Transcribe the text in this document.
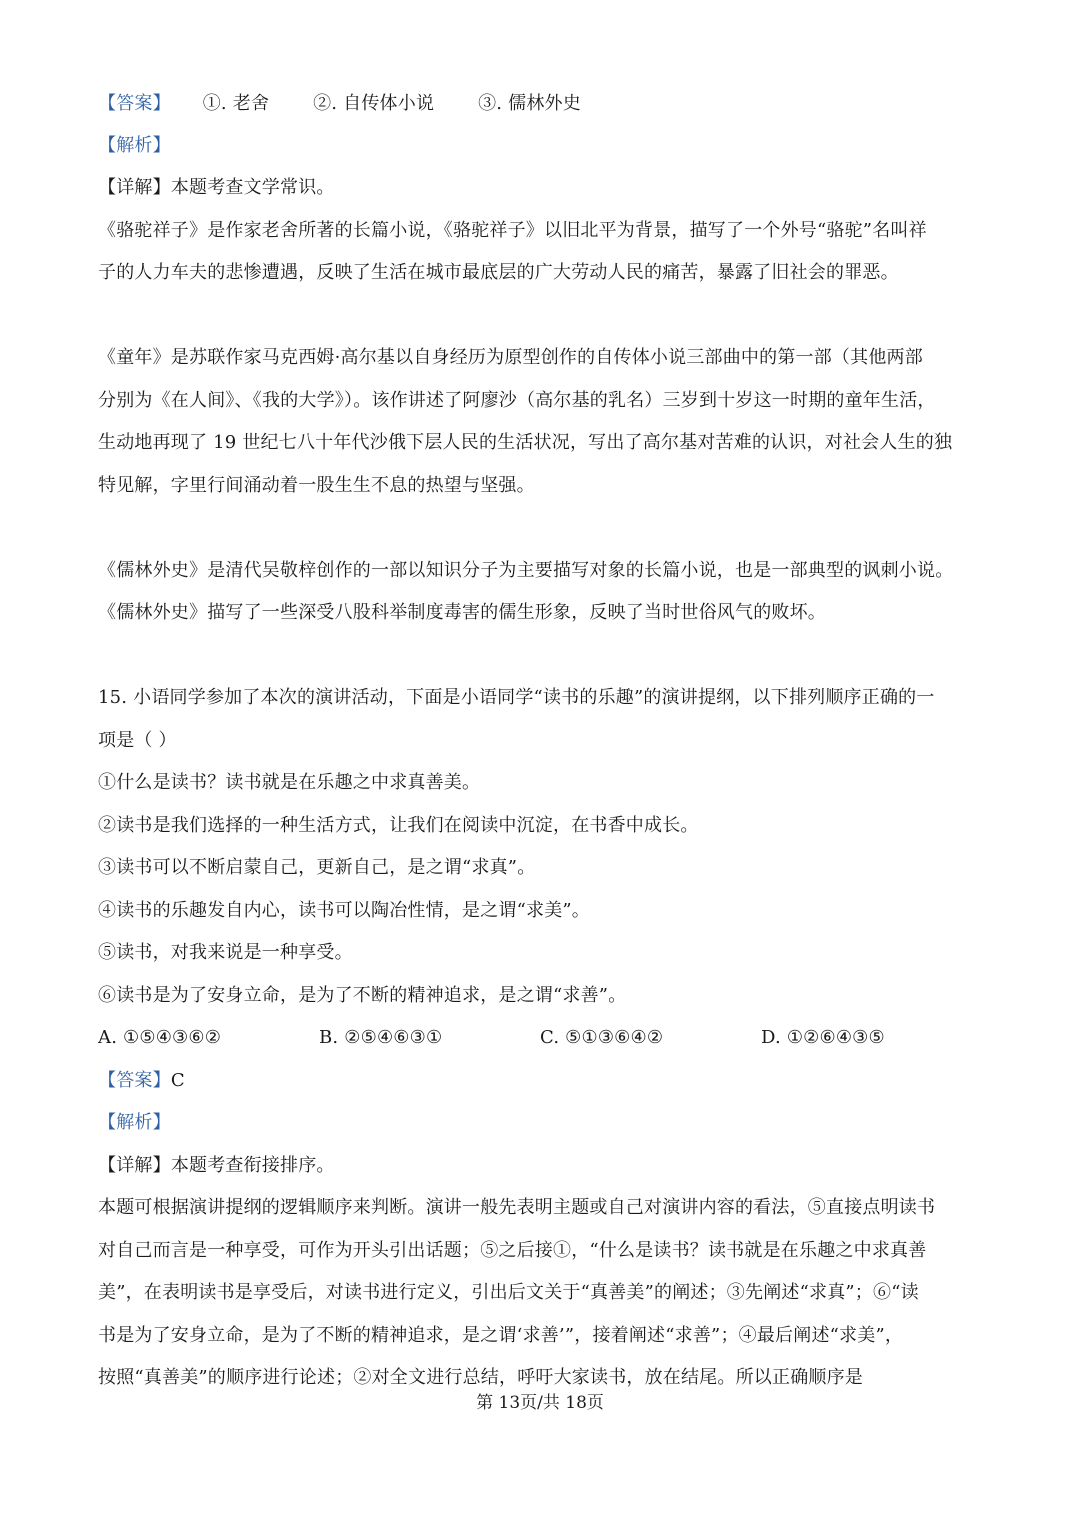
【答案】 ①. 老舍 ②. 自传体小说 ③. 儒林外史
【解析】
【详解】本题考查文学常识。
《骆驼祥子》是作家老舍所著的长篇小说，《骆驼祥子》以旧北平为背景，描写了一个外号“骆驼”名叫祥
子的人力车夫的悲惨遭遇，反映了生活在城市最底层的广大劳动人民的痛苦，暴露了旧社会的罪恶。
《童年》是苏联作家马克西姆·高尔基以自身经历为原型创作的自传体小说三部曲中的第一部（其他两部
分别为《在人间》、《我的大学》）。该作讲述了阿廖沙（高尔基的乳名）三岁到十岁这一时期的童年生活，
生动地再现了 19 世纪七八十年代沙俄下层人民的生活状况，写出了高尔基对苦难的认识，对社会人生的独
特见解，字里行间涌动着一股生生不息的热望与坚强。
《儒林外史》是清代吴敬梓创作的一部以知识分子为主要描写对象的长篇小说，也是一部典型的讽刺小说。
《儒林外史》描写了一些深受八股科举制度毒害的儒生形象，反映了当时世俗风气的败坏。
15. 小语同学参加了本次的演讲活动，下面是小语同学“读书的乐趣”的演讲提纲，以下排列顺序正确的一
项是（ ）
①什么是读书？读书就是在乐趣之中求真善美。
②读书是我们选择的一种生活方式，让我们在阅读中沉淀，在书香中成长。
③读书可以不断启蒙自己，更新自己，是之谓“求真”。
④读书的乐趣发自内心，读书可以陶冶性情，是之谓“求美”。
⑤读书，对我来说是一种享受。
⑥读书是为了安身立命，是为了不断的精神追求，是之谓“求善”。
A. ①⑤④③⑥②	B. ②⑤④⑥③①	C. ⑤①③⑥④②	D. ①②⑥④③⑤
【答案】C
【解析】
【详解】本题考查衔接排序。
本题可根据演讲提纲的逻辑顺序来判断。演讲一般先表明主题或自己对演讲内容的看法，⑤直接点明读书
对自己而言是一种享受，可作为开头引出话题；⑤之后接①，“什么是读书？读书就是在乐趣之中求真善
美”，在表明读书是享受后，对读书进行定义，引出后文关于“真善美”的阐述；③先阐述“求真”；⑥“读
书是为了安身立命，是为了不断的精神追求，是之谓‘求善’”，接着阐述“求善”；④最后阐述“求美”，
按照“真善美”的顺序进行论述；②对全文进行总结，呼吁大家读书，放在结尾。所以正确顺序是
第 13页/共 18页
